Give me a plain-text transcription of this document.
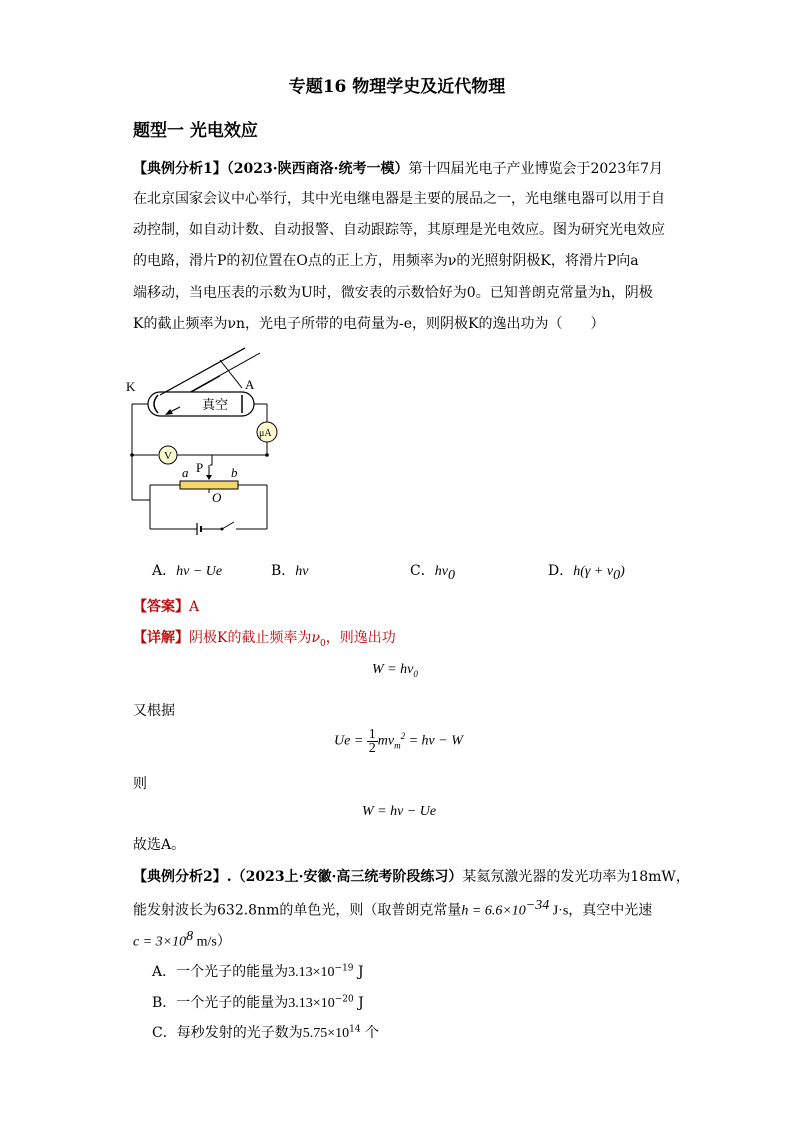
专题16 物理学史及近代物理
题型一 光电效应
【典例分析1】（2023·陕西商洛·统考一模）第十四届光电子产业博览会于2023年7月
在北京国家会议中心举行，其中光电继电器是主要的展品之一，光电继电器可以用于自
动控制，如自动计数、自动报警、自动跟踪等，其原理是光电效应。图为研究光电效应
的电路，滑片P的初位置在O点的正上方，用频率为ν的光照射阴极K，将滑片P向a
端移动，当电压表的示数为U时，微安表的示数恰好为0。已知普朗克常量为h，阴极
K的截止频率为νn，光电子所带的电荷量为-e，则阴极K的逸出功为（　　）
K	A
真空
μA
V
P
a	b
O
A．hν − Ue	B．hν	C．$h\nu_0$	D．$h(\gamma + \nu_0)$
【答案】A
【详解】阴极K的截止频率为$\nu_0$，则逸出功
$W = h\nu_0$
又根据
$Ue = \frac{1}{2} mv_m^2 = h\nu - W$
则
W = hν − Ue
故选A。
【典例分析2】.（2023上·安徽·高三统考阶段练习）某氦氖激光器的发光功率为18mW，
能发射波长为632.8nm的单色光，则（取普朗克常量$h = 6.6\times 10^{-34}$ J·s，真空中光速
$c = 3\times 10^8$ m/s）
A．一个光子的能量为$3.13\times 10^{-19}$ J
B．一个光子的能量为$3.13\times 10^{-20}$ J
C．每秒发射的光子数为$5.75\times 10^{14}$ 个
